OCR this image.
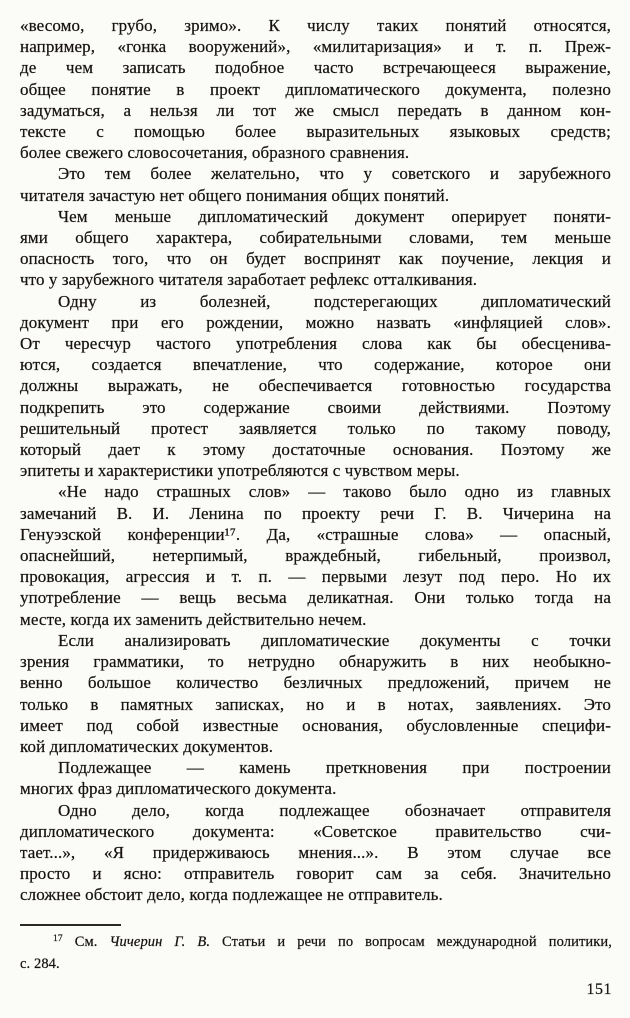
«весомо, грубо, зримо». К числу таких понятий относятся,
например, «гонка вооружений», «милитаризация» и т. п. Преж-
де чем записать подобное часто встречающееся выражение,
общее понятие в проект дипломатического документа, полезно
задуматься, а нельзя ли тот же смысл передать в данном кон-
тексте с помощью более выразительных языковых средств;
более свежего словосочетания, образного сравнения.
Это тем более желательно, что у советского и зарубежного
читателя зачастую нет общего понимания общих понятий.
Чем меньше дипломатический документ оперирует поняти-
ями общего характера, собирательными словами, тем меньше
опасность того, что он будет воспринят как поучение, лекция и
что у зарубежного читателя заработает рефлекс отталкивания.
Одну из болезней, подстерегающих дипломатический
документ при его рождении, можно назвать «инфляцией слов».
От чересчур частого употребления слова как бы обесценива-
ются, создается впечатление, что содержание, которое они
должны выражать, не обеспечивается готовностью государства
подкрепить это содержание своими действиями. Поэтому
решительный протест заявляется только по такому поводу,
который дает к этому достаточные основания. Поэтому же
эпитеты и характеристики употребляются с чувством меры.
«Не надо страшных слов» — таково было одно из главных
замечаний В. И. Ленина по проекту речи Г. В. Чичерина на
Генуэзской конференции¹⁷. Да, «страшные слова» — опасный,
опаснейший, нетерпимый, враждебный, гибельный, произвол,
провокация, агрессия и т. п. — первыми лезут под перо. Но их
употребление — вещь весьма деликатная. Они только тогда на
месте, когда их заменить действительно нечем.
Если анализировать дипломатические документы с точки
зрения грамматики, то нетрудно обнаружить в них необыкно-
венно большое количество безличных предложений, причем не
только в памятных записках, но и в нотах, заявлениях. Это
имеет под собой известные основания, обусловленные специфи-
кой дипломатических документов.
Подлежащее — камень преткновения при построении
многих фраз дипломатического документа.
Одно дело, когда подлежащее обозначает отправителя
дипломатического документа: «Советское правительство счи-
тает...», «Я придерживаюсь мнения...». В этом случае все
просто и ясно: отправитель говорит сам за себя. Значительно
сложнее обстоит дело, когда подлежащее не отправитель.
$^{17}$ См. Чичерин Г. В. Статьи и речи по вопросам международной политики,
с. 284.
151
